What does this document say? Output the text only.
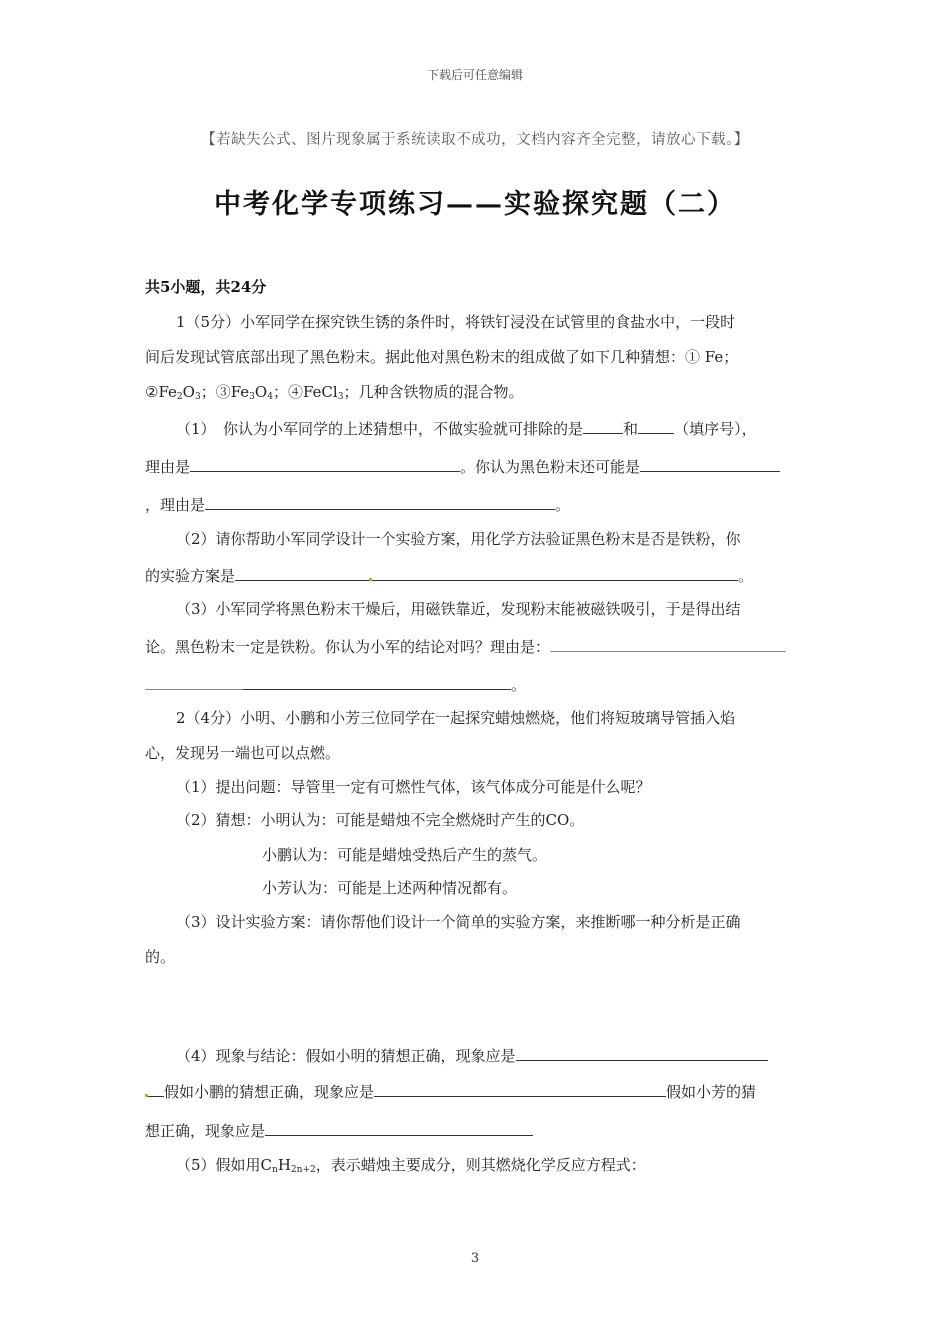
下载后可任意编辑
【若缺失公式、图片现象属于系统读取不成功，文档内容齐全完整，请放心下载。】
中考化学专项练习——实验探究题（二）
共5小题，共24分
1（5分）小军同学在探究铁生锈的条件时，将铁钉浸没在试管里的食盐水中，一段时
间后发现试管底部出现了黑色粉末。据此他对黑色粉末的组成做了如下几种猜想：① Fe；
$②Fe_2O_3$；$③Fe_3O_4$；④FeCl$_3$；几种含铁物质的混合物。
（1）　你认为小军同学的上述猜想中，不做实验就可排除的是	和 （填序号），
理由是	。你认为黑色粉末还可能是
，理由是	。
（2）请你帮助小军同学设计一个实验方案，用化学方法验证黑色粉末是否是铁粉，你
的实验方案是	。
（3）小军同学将黑色粉末干燥后，用磁铁靠近，发现粉末能被磁铁吸引，于是得出结
论。黑色粉末一定是铁粉。你认为小军的结论对吗？理由是：
。
2（4分）小明、小鹏和小芳三位同学在一起探究蜡烛燃烧，他们将短玻璃导管插入焰
心，发现另一端也可以点燃。
（1）提出问题：导管里一定有可燃性气体，该气体成分可能是什么呢？
（2）猜想：小明认为：可能是蜡烛不完全燃烧时产生的CO。
小鹏认为：可能是蜡烛受热后产生的蒸气。
小芳认为：可能是上述两种情况都有。
（3）设计实验方案：请你帮他们设计一个简单的实验方案，来推断哪一种分析是正确
的。
（4）现象与结论：假如小明的猜想正确，现象应是
假如小鹏的猜想正确，现象应是	假如小芳的猜
想正确，现象应是
（5）假如用$C_nH_{2n+2}$，表示蜡烛主要成分，则其燃烧化学反应方程式：
3
